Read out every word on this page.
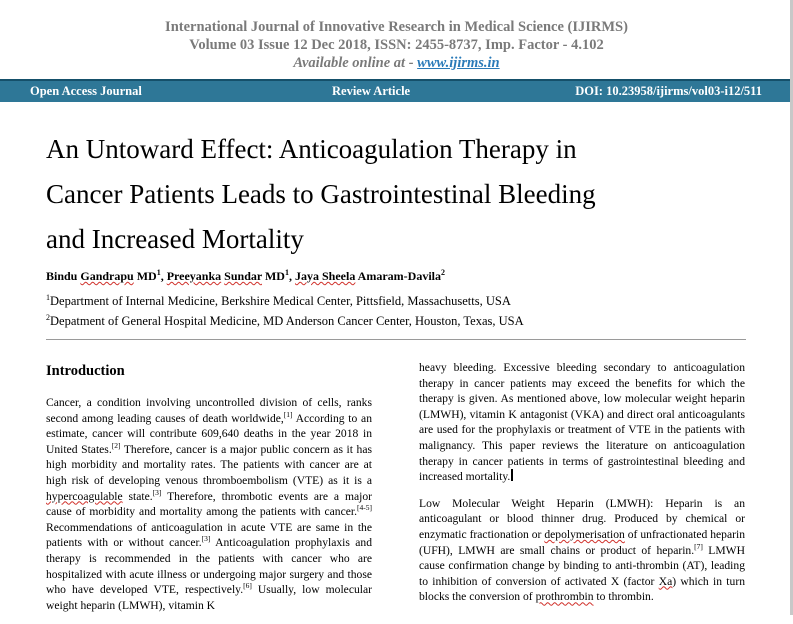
International Journal of Innovative Research in Medical Science (IJIRMS)
Volume 03 Issue 12 Dec 2018, ISSN: 2455-8737, Imp. Factor - 4.102
Available online at - www.ijirms.in
Open Access Journal	Review Article	DOI: 10.23958/ijirms/vol03-i12/511
An Untoward Effect: Anticoagulation Therapy in
Cancer Patients Leads to Gastrointestinal Bleeding
and Increased Mortality
Bindu Gandrapu $MD^1$, Preeyanka Sundar $MD^1$, Jaya Sheela Amaram-Davila$^2$
$^1$Department of Internal Medicine, Berkshire Medical Center, Pittsfield, Massachusetts, USA
$^2$Depatment of General Hospital Medicine, MD Anderson Cancer Center, Houston, Texas, USA
Introduction

Cancer, a condition involving uncontrolled division of cells, ranks second among leading causes of death worldwide,[1] According to an estimate, cancer will contribute 609,640 deaths in the year 2018 in United States.[2] Therefore, cancer is a major public concern as it has high morbidity and mortality rates. The patients with cancer are at high risk of developing venous thromboembolism (VTE) as it is a hypercoagulable state.[3] Therefore, thrombotic events are a major cause of morbidity and mortality among the patients with cancer.[4-5] Recommendations of anticoagulation in acute VTE are same in the patients with or without cancer.[3] Anticoagulation prophylaxis and therapy is recommended in the patients with cancer who are hospitalized with acute illness or undergoing major surgery and those who have developed VTE, respectively.[6] Usually, low molecular weight heparin (LMWH), vitamin K

heavy bleeding. Excessive bleeding secondary to anticoagulation therapy in cancer patients may exceed the benefits for which the therapy is given. As mentioned above, low molecular weight heparin (LMWH), vitamin K antagonist (VKA) and direct oral anticoagulants are used for the prophylaxis or treatment of VTE in the patients with malignancy. This paper reviews the literature on anticoagulation therapy in cancer patients in terms of gastrointestinal bleeding and increased mortality.

Low Molecular Weight Heparin (LMWH): Heparin is an anticoagulant or blood thinner drug. Produced by chemical or enzymatic fractionation or depolymerisation of unfractionated heparin (UFH), LMWH are small chains or product of heparin.[7] LMWH cause confirmation change by binding to anti-thrombin (AT), leading to inhibition of conversion of activated X (factor Xa) which in turn blocks the conversion of prothrombin to thrombin.
